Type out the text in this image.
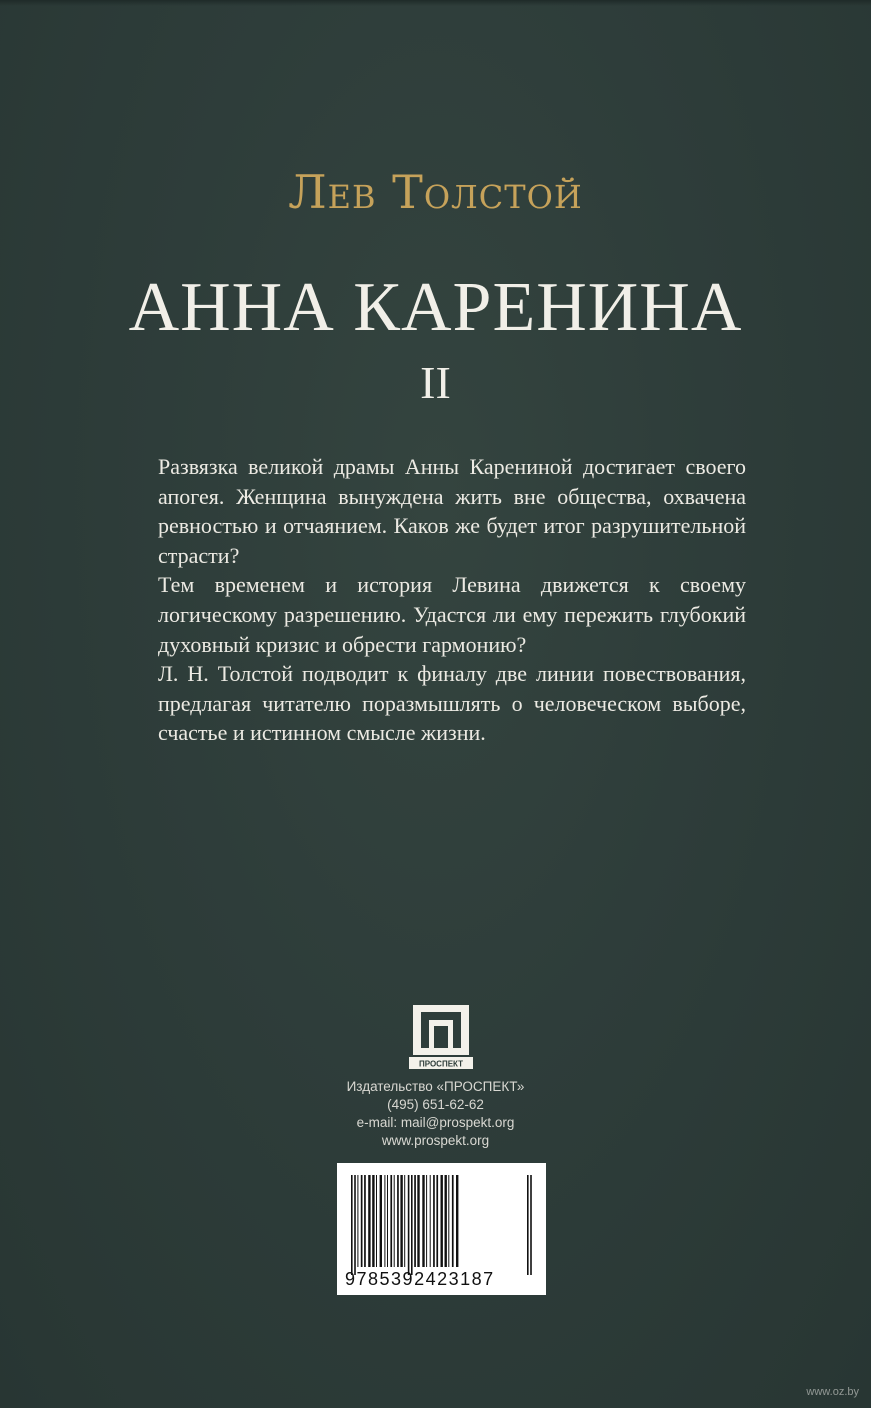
Лев Толстой
АННА КАРЕНИНА
II

Развязка великой драмы Анны Карениной достигает своего апогея. Женщина вынуждена жить вне общества, охвачена ревностью и отчаянием. Каков же будет итог разрушительной страсти?

Тем временем и история Левина движется к своему логическому разрешению. Удастся ли ему пережить глубокий духовный кризис и обрести гармонию?

Л. Н. Толстой подводит к финалу две линии повествования, предлагая читателю поразмышлять о человеческом выборе, счастье и истинном смысле жизни.

ПРОСПЕКТ
Издательство «ПРОСПЕКТ»
(495) 651-62-62
e-mail: mail@prospekt.org
www.prospekt.org
9785392423187
www.oz.by
